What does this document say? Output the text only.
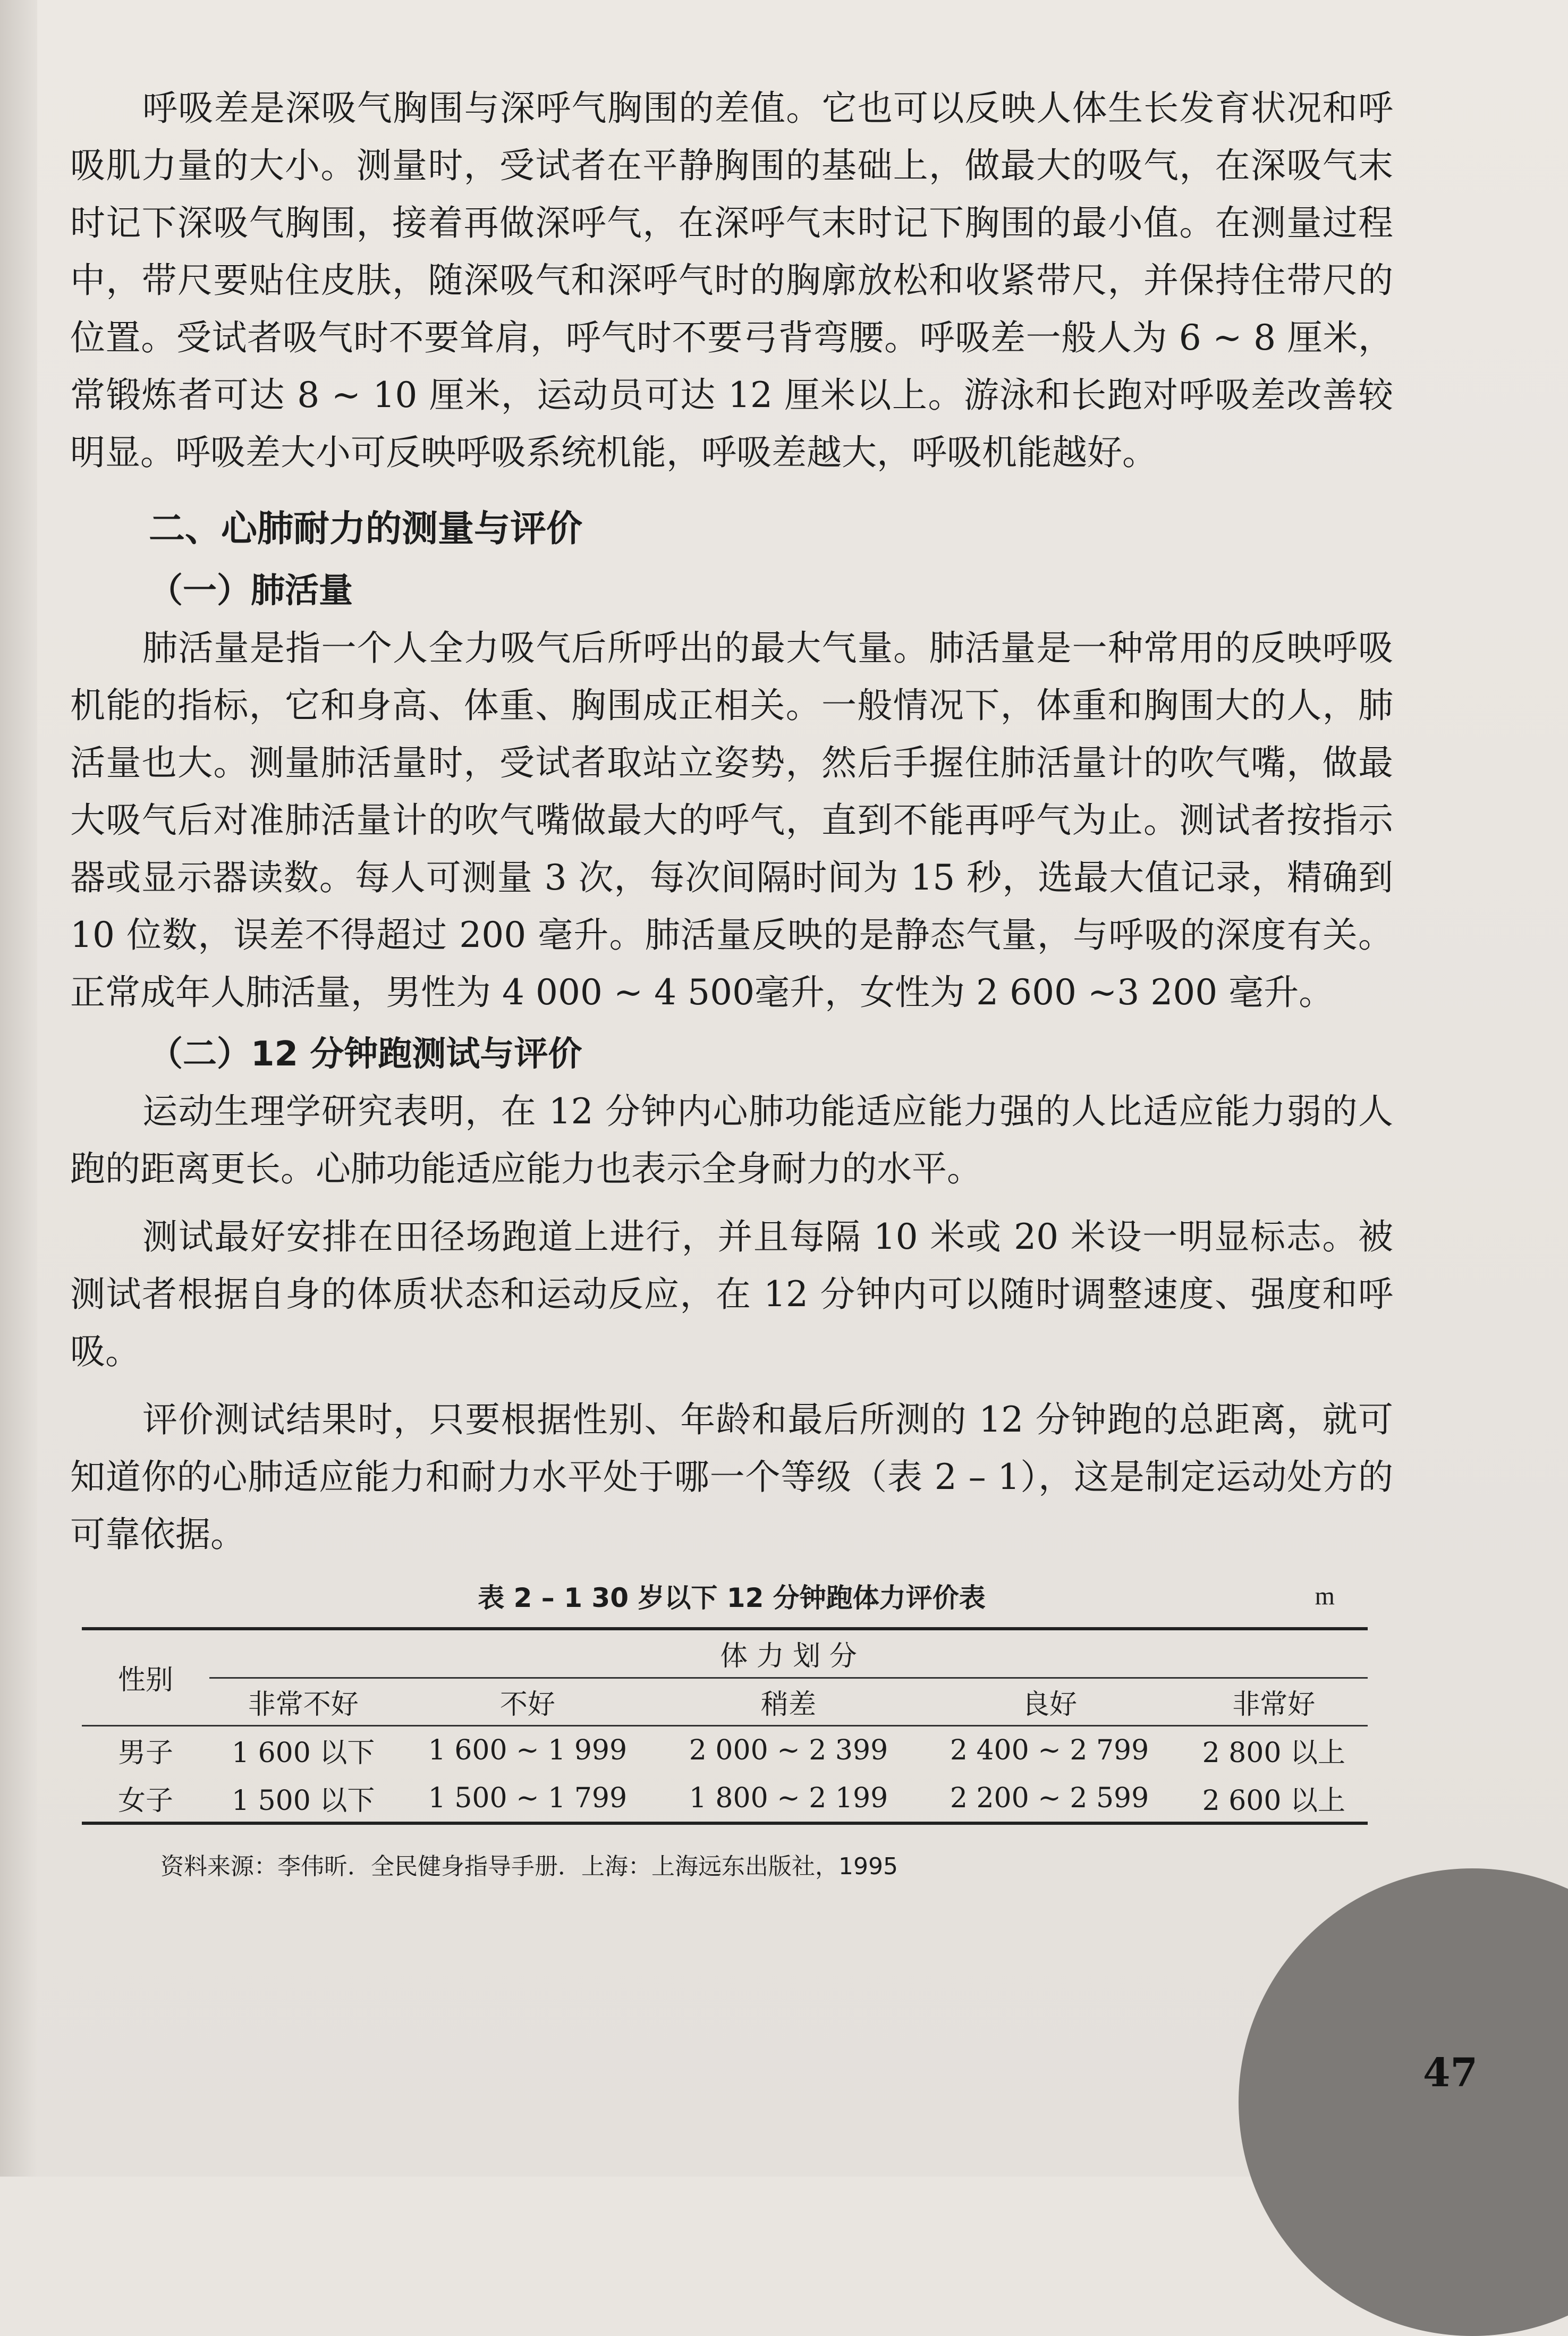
呼吸差是深吸气胸围与深呼气胸围的差值。它也可以反映人体生长发育状况和呼吸肌力量的大小。测量时，受试者在平静胸围的基础上，做最大的吸气，在深吸气末时记下深吸气胸围，接着再做深呼气，在深呼气末时记下胸围的最小值。在测量过程中，带尺要贴住皮肤，随深吸气和深呼气时的胸廓放松和收紧带尺，并保持住带尺的位置。受试者吸气时不要耸肩，呼气时不要弓背弯腰。呼吸差一般人为 6 ~ 8 厘米，常锻炼者可达 8 ~ 10 厘米，运动员可达 12 厘米以上。游泳和长跑对呼吸差改善较明显。呼吸差大小可反映呼吸系统机能，呼吸差越大，呼吸机能越好。

二、心肺耐力的测量与评价
（一）肺活量

肺活量是指一个人全力吸气后所呼出的最大气量。肺活量是一种常用的反映呼吸机能的指标，它和身高、体重、胸围成正相关。一般情况下，体重和胸围大的人，肺活量也大。测量肺活量时，受试者取站立姿势，然后手握住肺活量计的吹气嘴，做最大吸气后对准肺活量计的吹气嘴做最大的呼气，直到不能再呼气为止。测试者按指示器或显示器读数。每人可测量 3 次，每次间隔时间为 15 秒，选最大值记录，精确到 10 位数，误差不得超过 200 毫升。肺活量反映的是静态气量，与呼吸的深度有关。正常成年人肺活量，男性为 4 000 ~ 4 500毫升，女性为 2 600 ~3 200 毫升。

（二）12 分钟跑测试与评价

运动生理学研究表明，在 12 分钟内心肺功能适应能力强的人比适应能力弱的人跑的距离更长。心肺功能适应能力也表示全身耐力的水平。

测试最好安排在田径场跑道上进行，并且每隔 10 米或 20 米设一明显标志。被测试者根据自身的体质状态和运动反应，在 12 分钟内可以随时调整速度、强度和呼吸。

评价测试结果时，只要根据性别、年龄和最后所测的 12 分钟跑的总距离，就可知道你的心肺适应能力和耐力水平处于哪一个等级（表 2 – 1），这是制定运动处方的可靠依据。

表 2 – 1 30 岁以下 12 分钟跑体力评价表	m
性别	体 力 划 分				
	非常不好	不好	稍差	良好	非常好
男子	1 600 以下	1 600 ~ 1 999	2 000 ~ 2 399	2 400 ~ 2 799	2 800 以上
女子	1 500 以下	1 500 ~ 1 799	1 800 ~ 2 199	2 200 ~ 2 599	2 600 以上
资料来源：李伟昕．全民健身指导手册．上海：上海远东出版社，1995
47
